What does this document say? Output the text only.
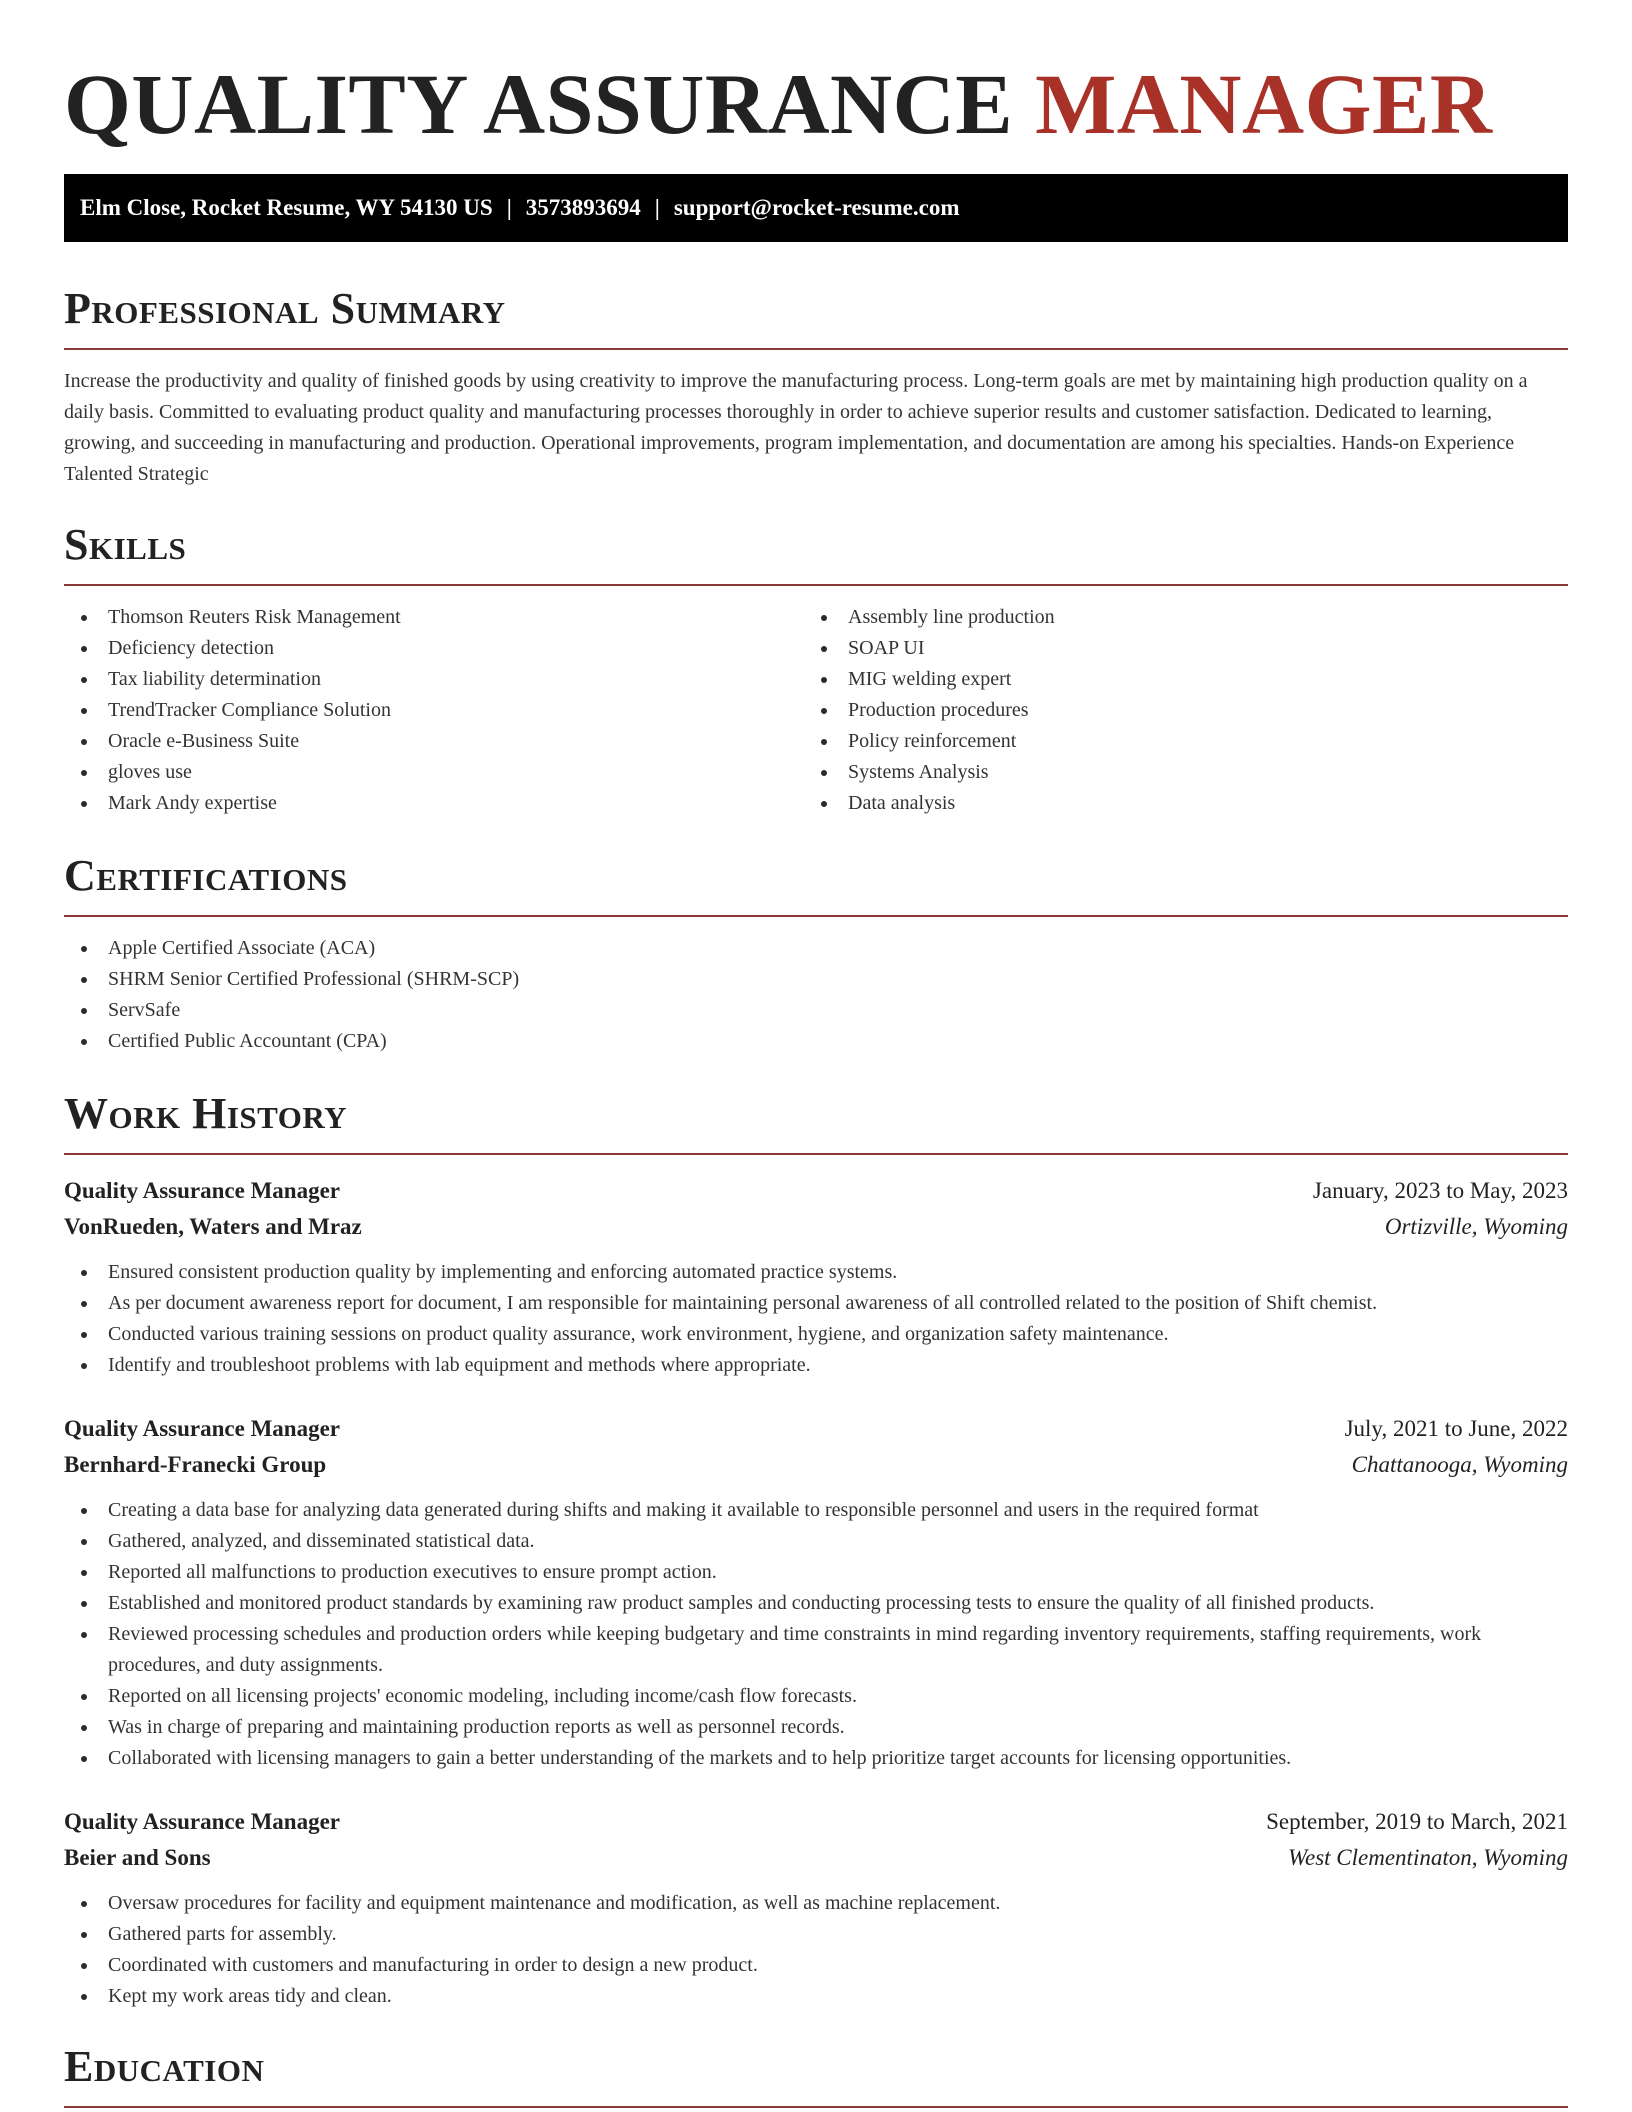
QUALITY ASSURANCE MANAGER
Elm Close, Rocket Resume, WY 54130 US | 3573893694 | support@rocket-resume.com
Professional Summary

Increase the productivity and quality of finished goods by using creativity to improve the manufacturing process. Long-term goals are met by maintaining high production quality on a daily basis. Committed to evaluating product quality and manufacturing processes thoroughly in order to achieve superior results and customer satisfaction. Dedicated to learning, growing, and succeeding in manufacturing and production. Operational improvements, program implementation, and documentation are among his specialties. Hands-on Experience Talented Strategic

Skills
Thomson Reuters Risk Management
Deficiency detection
Tax liability determination
TrendTracker Compliance Solution
Oracle e-Business Suite
gloves use
Mark Andy expertise
Assembly line production
SOAP UI
MIG welding expert
Production procedures
Policy reinforcement
Systems Analysis
Data analysis
Certifications
Apple Certified Associate (ACA)
SHRM Senior Certified Professional (SHRM-SCP)
ServSafe
Certified Public Accountant (CPA)
Work History
Quality Assurance Manager	January, 2023 to May, 2023
VonRueden, Waters and Mraz	Ortizville, Wyoming
Ensured consistent production quality by implementing and enforcing automated practice systems.
As per document awareness report for document, I am responsible for maintaining personal awareness of all controlled related to the position of Shift chemist.
Conducted various training sessions on product quality assurance, work environment, hygiene, and organization safety maintenance.
Identify and troubleshoot problems with lab equipment and methods where appropriate.
Quality Assurance Manager	July, 2021 to June, 2022
Bernhard-Franecki Group	Chattanooga, Wyoming
Creating a data base for analyzing data generated during shifts and making it available to responsible personnel and users in the required format
Gathered, analyzed, and disseminated statistical data.
Reported all malfunctions to production executives to ensure prompt action.
Established and monitored product standards by examining raw product samples and conducting processing tests to ensure the quality of all finished products.
Reviewed processing schedules and production orders while keeping budgetary and time constraints in mind regarding inventory requirements, staffing requirements, work procedures, and duty assignments.
Reported on all licensing projects' economic modeling, including income/cash flow forecasts.
Was in charge of preparing and maintaining production reports as well as personnel records.
Collaborated with licensing managers to gain a better understanding of the markets and to help prioritize target accounts for licensing opportunities.
Quality Assurance Manager	September, 2019 to March, 2021
Beier and Sons	West Clementinaton, Wyoming
Oversaw procedures for facility and equipment maintenance and modification, as well as machine replacement.
Gathered parts for assembly.
Coordinated with customers and manufacturing in order to design a new product.
Kept my work areas tidy and clean.
Education
